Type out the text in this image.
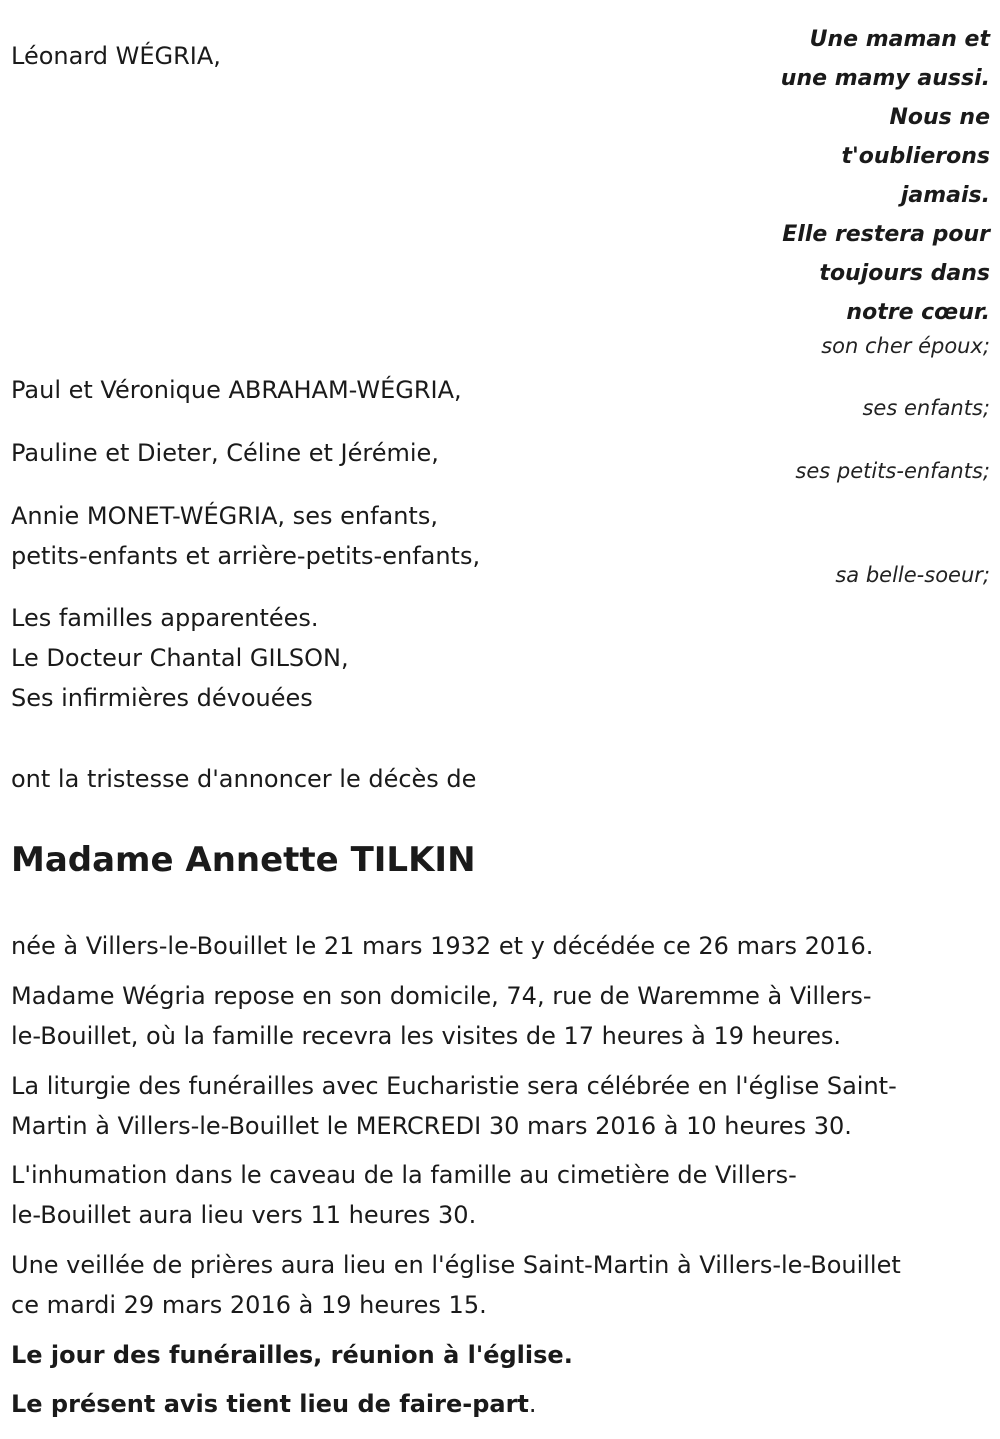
Une maman et
une mamy aussi.
Nous ne
t'oublierons
jamais.
Elle restera pour
toujours dans
notre cœur.
Léonard WÉGRIA,
son cher époux;
Paul et Véronique ABRAHAM-WÉGRIA,
ses enfants;
Pauline et Dieter, Céline et Jérémie,
ses petits-enfants;
Annie MONET-WÉGRIA, ses enfants,
petits-enfants et arrière-petits-enfants,
sa belle-soeur;
Les familles apparentées.
Le Docteur Chantal GILSON,
Ses infirmières dévouées
ont la tristesse d'annoncer le décès de
Madame Annette TILKIN
née à Villers-le-Bouillet le 21 mars 1932 et y décédée ce 26 mars 2016.
Madame Wégria repose en son domicile, 74, rue de Waremme à Villers-
le-Bouillet, où la famille recevra les visites de 17 heures à 19 heures.
La liturgie des funérailles avec Eucharistie sera célébrée en l'église Saint-
Martin à Villers-le-Bouillet le MERCREDI 30 mars 2016 à 10 heures 30.
L'inhumation dans le caveau de la famille au cimetière de Villers-
le-Bouillet aura lieu vers 11 heures 30.
Une veillée de prières aura lieu en l'église Saint-Martin à Villers-le-Bouillet
ce mardi 29 mars 2016 à 19 heures 15.
Le jour des funérailles, réunion à l'église.
Le présent avis tient lieu de faire-part.
